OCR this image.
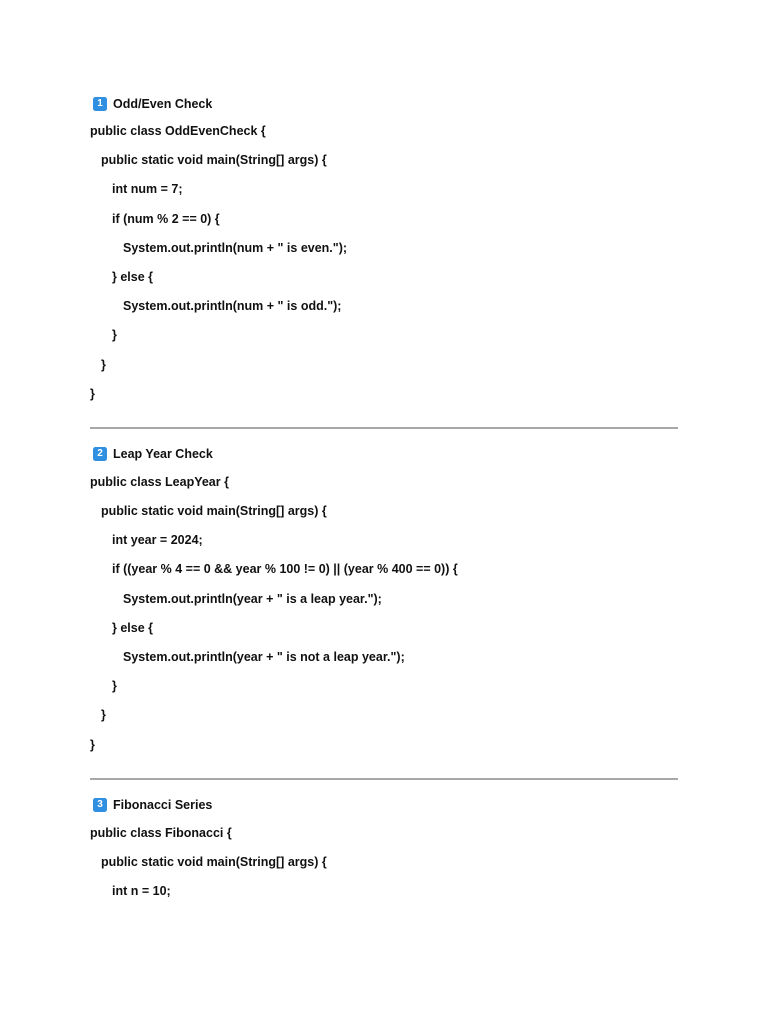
1 Odd/Even Check
public class OddEvenCheck {
public static void main(String[] args) {
int num = 7;
if (num % 2 == 0) {
System.out.println(num + " is even.");
} else {
System.out.println(num + " is odd.");
}
}
}
2 Leap Year Check
public class LeapYear {
public static void main(String[] args) {
int year = 2024;
if ((year % 4 == 0 && year % 100 != 0) || (year % 400 == 0)) {
System.out.println(year + " is a leap year.");
} else {
System.out.println(year + " is not a leap year.");
}
}
}
3 Fibonacci Series
public class Fibonacci {
public static void main(String[] args) {
int n = 10;
